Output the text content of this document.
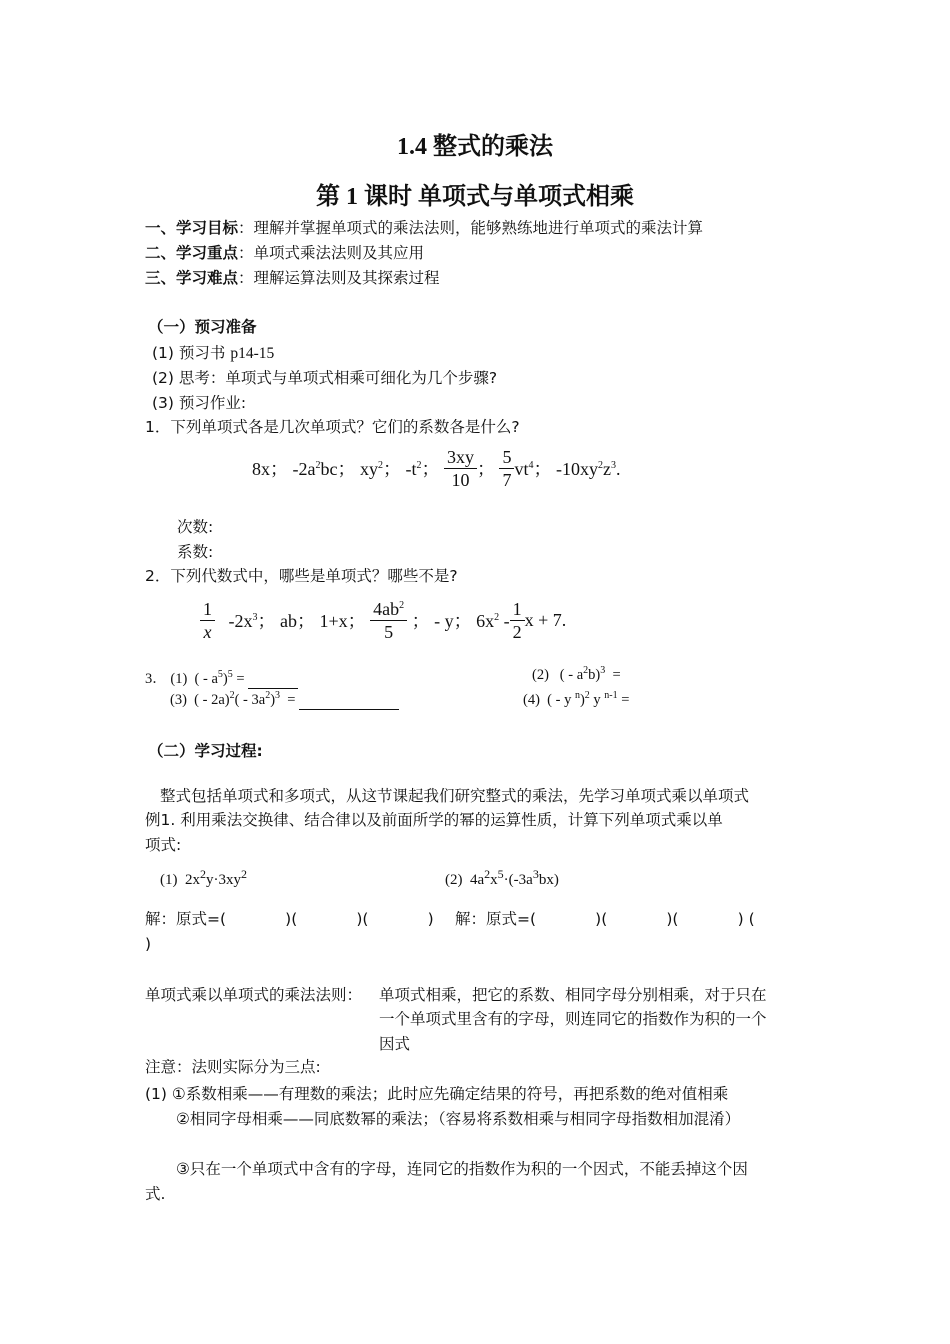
1.4 整式的乘法
第 1 课时 单项式与单项式相乘
一、学习目标：理解并掌握单项式的乘法法则，能够熟练地进行单项式的乘法计算
二、学习重点：单项式乘法法则及其应用
三、学习难点：理解运算法则及其探索过程
（一）预习准备
(1) 预习书 p14-15
(2) 思考：单项式与单项式相乘可细化为几个步骤?
(3) 预习作业:
1．下列单项式各是几次单项式？它们的系数各是什么?
8x； $-2a^2bc$； $xy^2$； $-t^2$； $\frac{3xy}{10}$ ； $\frac{5}{7} vt^4$； $-10xy^2z^3$.
次数:
系数:
2．下列代数式中，哪些是单项式？哪些不是?
$\frac{1}{x} -2x^3$； ab； 1+x； $\frac{4ab^2}{5}$ ； - y； $6x^2 - \frac{1}{2}$ x + 7.
3． (1)  ( - $a^5)^5$ =	(2)   ( - $a^2b)^3$  =
(3)  ( - $2a)^2( - 3a^2)^3$  =	(4)  ( - y $^n$)$^2$ y $^{n-1}$ =
（二）学习过程:
整式包括单项式和多项式，从这节课起我们研究整式的乘法，先学习单项式乘以单项式
例1. 利用乘法交换律、结合律以及前面所学的幂的运算性质，计算下列单项式乘以单
项式:
(1)  $2x^2y\cdot 3xy^2$	(2)  $4a^2x^5\cdot(-3a^3bx)$
解：原式=(            )(            )(            ) 解：原式=(            )(            )(            ) (
)
单项式乘以单项式的乘法法则： 单项式相乘，把它的系数、相同字母分别相乘，对于只在
一个单项式里含有的字母，则连同它的指数作为积的一个
因式
注意：法则实际分为三点:
(1) ①系数相乘——有理数的乘法；此时应先确定结果的符号，再把系数的绝对值相乘
②相同字母相乘——同底数幂的乘法；（容易将系数相乘与相同字母指数相加混淆）
③只在一个单项式中含有的字母，连同它的指数作为积的一个因式，不能丢掉这个因
式.
